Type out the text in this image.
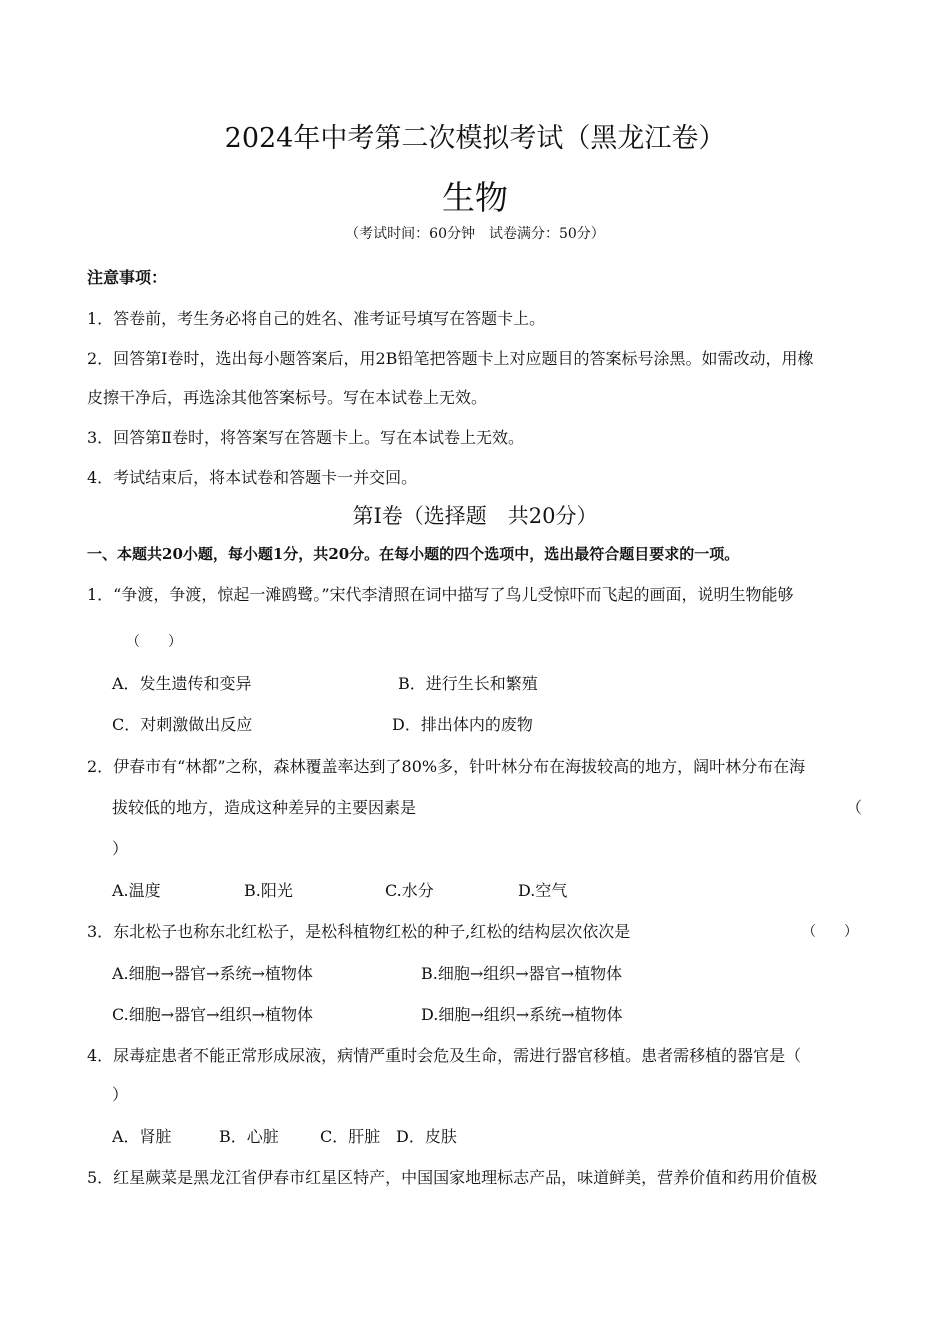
2024年中考第二次模拟考试（黑龙江卷）
生物
（考试时间：60分钟　试卷满分：50分）
注意事项：
1．答卷前，考生务必将自己的姓名、准考证号填写在答题卡上。
2．回答第Ⅰ卷时，选出每小题答案后，用2B铅笔把答题卡上对应题目的答案标号涂黑。如需改动，用橡
皮擦干净后，再选涂其他答案标号。写在本试卷上无效。
3．回答第Ⅱ卷时，将答案写在答题卡上。写在本试卷上无效。
4．考试结束后，将本试卷和答题卡一并交回。
第Ⅰ卷（选择题　共20分）
一、本题共20小题，每小题1分，共20分。在每小题的四个选项中，选出最符合题目要求的一项。
1．“争渡，争渡，惊起一滩鸥鹭。”宋代李清照在词中描写了鸟儿受惊吓而飞起的画面，说明生物能够
（　　）
A．发生遗传和变异	B．进行生长和繁殖
C．对刺激做出反应	D．排出体内的废物
2．伊春市有“林都”之称，森林覆盖率达到了80%多，针叶林分布在海拔较高的地方，阔叶林分布在海
拔较低的地方，造成这种差异的主要因素是	（
）
A.温度	B.阳光	C.水分	D.空气
3．东北松子也称东北红松子，是松科植物红松的种子,红松的结构层次依次是	（　　）
A.细胞→器官→系统→植物体	B.细胞→组织→器官→植物体
C.细胞→器官→组织→植物体	D.细胞→组织→系统→植物体
4．尿毒症患者不能正常形成尿液，病情严重时会危及生命，需进行器官移植。患者需移植的器官是（
）
A．肾脏	B．心脏	C．肝脏 D．皮肤
5．红星蕨菜是黑龙江省伊春市红星区特产，中国国家地理标志产品，味道鲜美，营养价值和药用价值极
